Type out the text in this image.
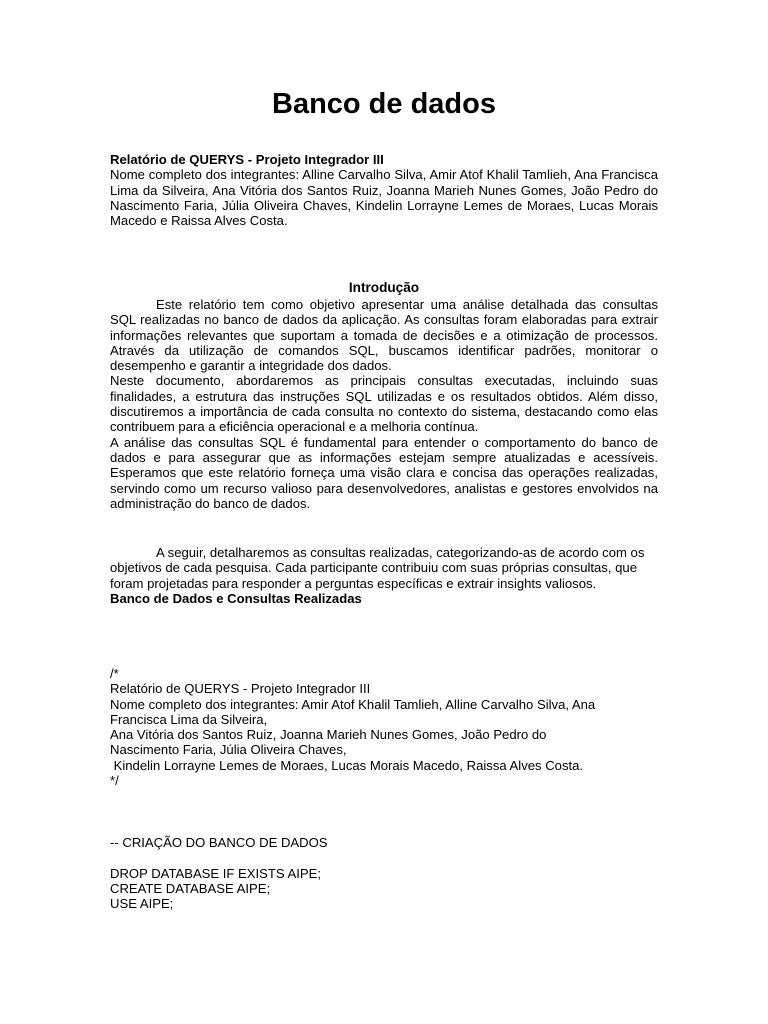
Banco de dados

Relatório de QUERYS - Projeto Integrador III

Nome completo dos integrantes: Alline Carvalho Silva, Amir Atof Khalil Tamlieh, Ana Francisca Lima da Silveira, Ana Vitória dos Santos Ruiz, Joanna Marieh Nunes Gomes, João Pedro do Nascimento Faria, Júlia Oliveira Chaves, Kindelin Lorrayne Lemes de Moraes, Lucas Morais Macedo e Raissa Alves Costa.

Introdução

Este relatório tem como objetivo apresentar uma análise detalhada das consultas SQL realizadas no banco de dados da aplicação. As consultas foram elaboradas para extrair informações relevantes que suportam a tomada de decisões e a otimização de processos. Através da utilização de comandos SQL, buscamos identificar padrões, monitorar o desempenho e garantir a integridade dos dados.

Neste documento, abordaremos as principais consultas executadas, incluindo suas finalidades, a estrutura das instruções SQL utilizadas e os resultados obtidos. Além disso, discutiremos a importância de cada consulta no contexto do sistema, destacando como elas contribuem para a eficiência operacional e a melhoria contínua.

A análise das consultas SQL é fundamental para entender o comportamento do banco de dados e para assegurar que as informações estejam sempre atualizadas e acessíveis. Esperamos que este relatório forneça uma visão clara e concisa das operações realizadas, servindo como um recurso valioso para desenvolvedores, analistas e gestores envolvidos na administração do banco de dados.

A seguir, detalharemos as consultas realizadas, categorizando-as de acordo com os objetivos de cada pesquisa. Cada participante contribuiu com suas próprias consultas, que foram projetadas para responder a perguntas específicas e extrair insights valiosos.

Banco de Dados e Consultas Realizadas

/*

Relatório de QUERYS - Projeto Integrador III

Nome completo dos integrantes: Amir Atof Khalil Tamlieh, Alline Carvalho Silva, Ana

Francisca Lima da Silveira,

Ana Vitória dos Santos Ruiz, Joanna Marieh Nunes Gomes, João Pedro do

Nascimento Faria, Júlia Oliveira Chaves,

Kindelin Lorrayne Lemes de Moraes, Lucas Morais Macedo, Raissa Alves Costa.

*/

-- CRIAÇÃO DO BANCO DE DADOS

DROP DATABASE IF EXISTS AIPE;

CREATE DATABASE AIPE;

USE AIPE;
